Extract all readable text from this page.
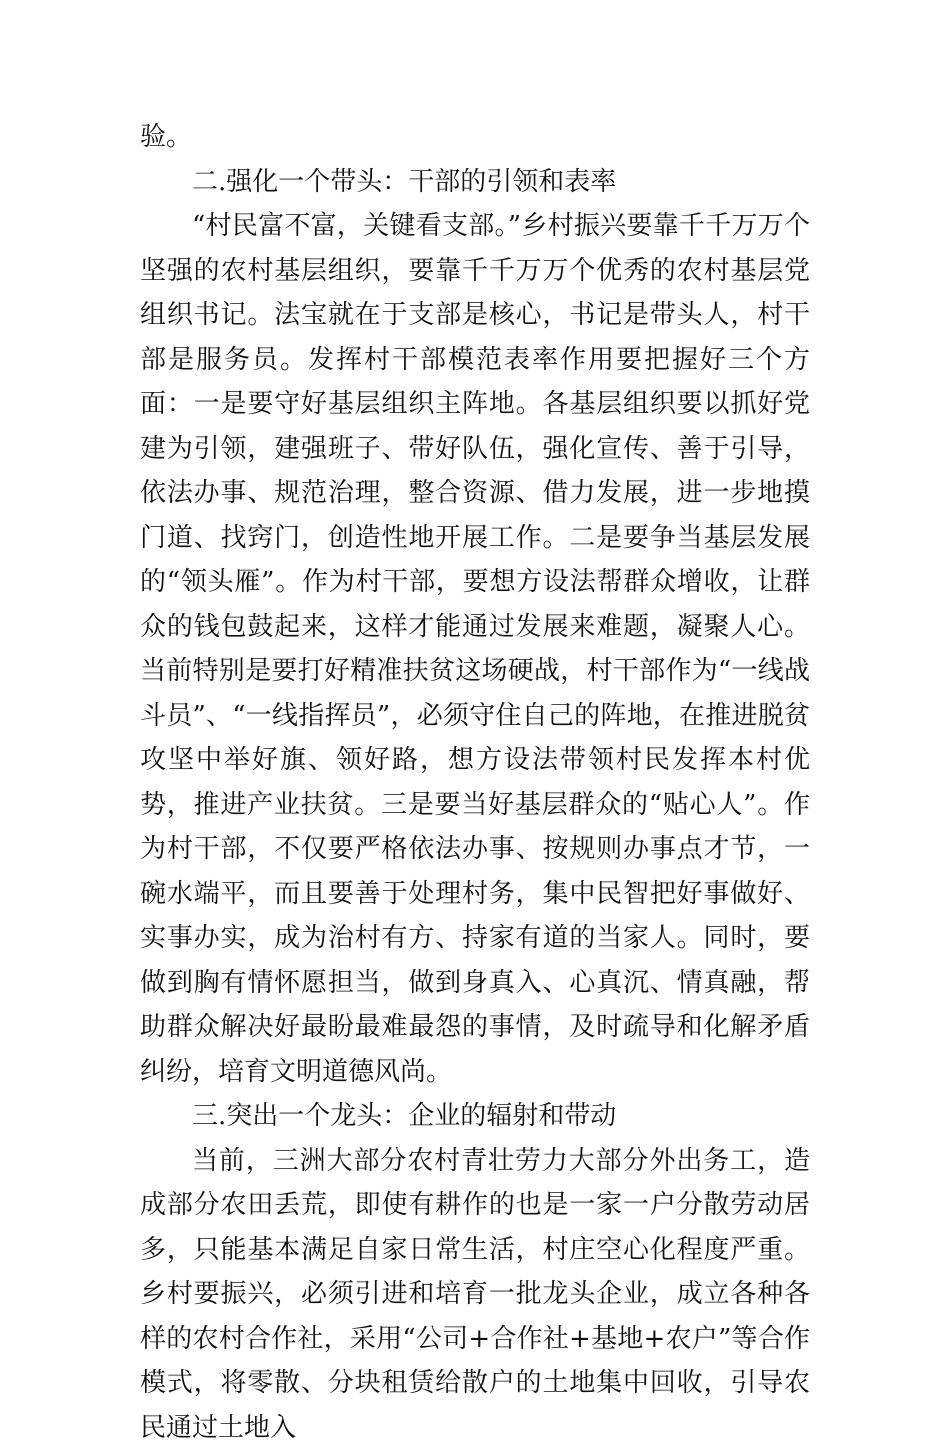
验。

二.强化一个带头：干部的引领和表率

“村民富不富，关键看支部。”乡村振兴要靠千千万万个坚强的农村基层组织，要靠千千万万个优秀的农村基层党组织书记。法宝就在于支部是核心，书记是带头人，村干部是服务员。发挥村干部模范表率作用要把握好三个方面：一是要守好基层组织主阵地。各基层组织要以抓好党建为引领，建强班子、带好队伍，强化宣传、善于引导，依法办事、规范治理，整合资源、借力发展，进一步地摸门道、找窍门，创造性地开展工作。二是要争当基层发展的“领头雁”。作为村干部，要想方设法帮群众增收，让群众的钱包鼓起来，这样才能通过发展来难题，凝聚人心。当前特别是要打好精准扶贫这场硬战，村干部作为“一线战斗员”、“一线指挥员”，必须守住自己的阵地，在推进脱贫攻坚中举好旗、领好路，想方设法带领村民发挥本村优势，推进产业扶贫。三是要当好基层群众的“贴心人”。作为村干部，不仅要严格依法办事、按规则办事点才节，一碗水端平，而且要善于处理村务，集中民智把好事做好、实事办实，成为治村有方、持家有道的当家人。同时，要做到胸有情怀愿担当，做到身真入、心真沉、情真融，帮助群众解决好最盼最难最怨的事情，及时疏导和化解矛盾纠纷，培育文明道德风尚。

三.突出一个龙头：企业的辐射和带动

当前，三洲大部分农村青壮劳力大部分外出务工，造成部分农田丢荒，即使有耕作的也是一家一户分散劳动居多，只能基本满足自家日常生活，村庄空心化程度严重。乡村要振兴，必须引进和培育一批龙头企业，成立各种各样的农村合作社，采用“公司+合作社+基地+农户”等合作模式，将零散、分块租赁给散户的土地集中回收，引导农民通过土地入
